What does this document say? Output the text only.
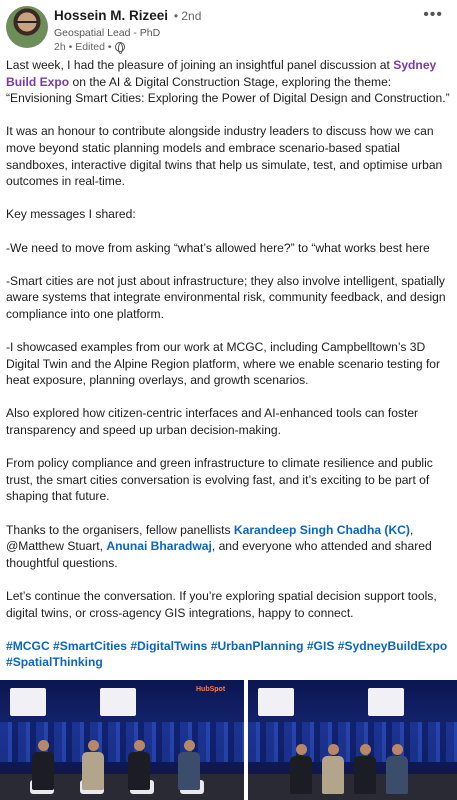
Hossein M. Rizeei • 2nd
Geospatial Lead - PhD
2h • Edited •
•••

Last week, I had the pleasure of joining an insightful panel discussion at Sydney Build Expo on the AI & Digital Construction Stage, exploring the theme: “Envisioning Smart Cities: Exploring the Power of Digital Design and Construction.”

It was an honour to contribute alongside industry leaders to discuss how we can move beyond static planning models and embrace scenario-based spatial sandboxes, interactive digital twins that help us simulate, test, and optimise urban outcomes in real-time.

Key messages I shared:

-We need to move from asking “what’s allowed here?” to “what works best here

-Smart cities are not just about infrastructure; they also involve intelligent, spatially aware systems that integrate environmental risk, community feedback, and design compliance into one platform.

-I showcased examples from our work at MCGC, including Campbelltown’s 3D Digital Twin and the Alpine Region platform, where we enable scenario testing for heat exposure, planning overlays, and growth scenarios.

Also explored how citizen-centric interfaces and AI-enhanced tools can foster transparency and speed up urban decision-making.

From policy compliance and green infrastructure to climate resilience and public trust, the smart cities conversation is evolving fast, and it’s exciting to be part of shaping that future.

Thanks to the organisers, fellow panellists Karandeep Singh Chadha (KC), @Matthew Stuart, Anunai Bharadwaj, and everyone who attended and shared thoughtful questions.

Let’s continue the conversation. If you’re exploring spatial decision support tools, digital twins, or cross-agency GIS integrations, happy to connect.

#MCGC #SmartCities #DigitalTwins #UrbanPlanning #GIS #SydneyBuildExpo #SpatialThinking

HubSpot
